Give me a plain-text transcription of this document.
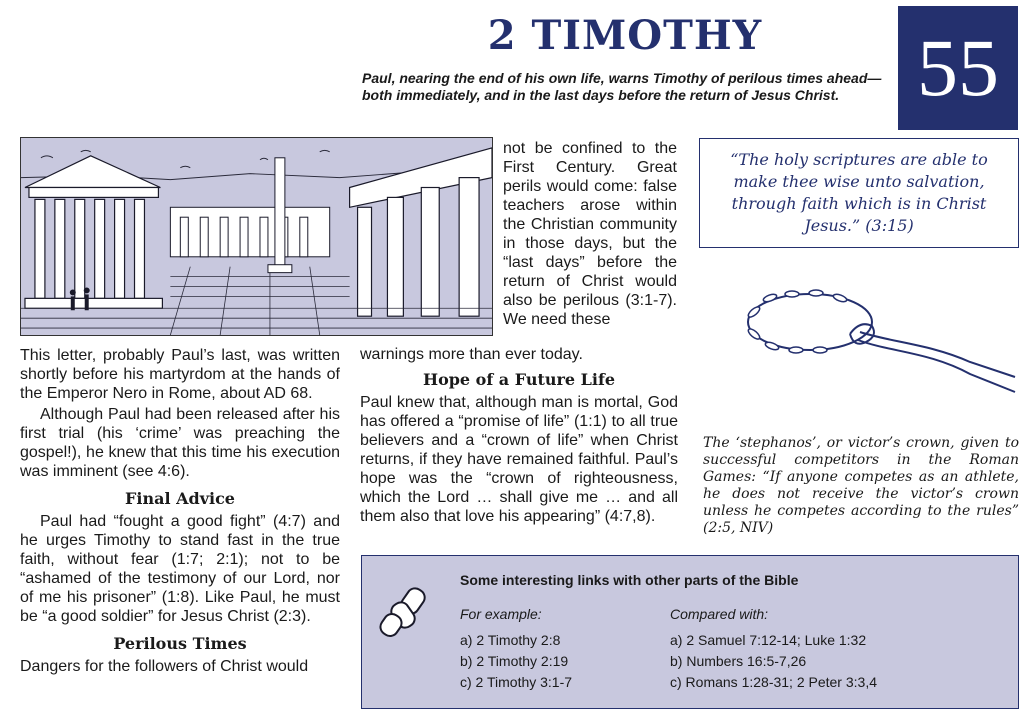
2 TIMOTHY
Paul, nearing the end of his own life, warns Timothy of perilous times ahead—both immediately, and in the last days before the return of Jesus Christ. 55
not be confined to the First Century. Great perils would come: false teachers arose within the Christian community in those days, but the “last days” before the return of Christ would also be perilous (3:1-7). We need these

This letter, probably Paul’s last, was written shortly before his martyrdom at the hands of the Emperor Nero in Rome, about AD 68.

Although Paul had been released after his first trial (his ‘crime’ was preaching the gospel!), he knew that this time his execution was imminent (see 4:6).

Final Advice

Paul had “fought a good fight” (4:7) and he urges Timothy to stand fast in the true faith, without fear (1:7; 2:1); not to be “ashamed of the testimony of our Lord, nor of me his prisoner” (1:8). Like Paul, he must be “a good soldier” for Jesus Christ (2:3).

Perilous Times

Dangers for the followers of Christ would

warnings more than ever today.
Hope of a Future Life

Paul knew that, although man is mortal, God has offered a “promise of life” (1:1) to all true believers and a “crown of life” when Christ returns, if they have remained faithful. Paul’s hope was the “crown of righteousness, which the Lord … shall give me … and all them also that love his appearing” (4:7,8).

“The holy scriptures are able to make thee wise unto salvation, through faith which is in Christ Jesus.” (3:15)
The ‘stephanos’, or victor’s crown, given to successful competitors in the Roman Games: “If anyone competes as an athlete, he does not receive the victor’s crown unless he competes according to the rules” (2:5, NIV)
Some interesting links with other parts of the Bible
For example:
a) 2 Timothy 2:8
b) 2 Timothy 2:19
c) 2 Timothy 3:1-7
Compared with:
a) 2 Samuel 7:12-14; Luke 1:32
b) Numbers 16:5-7,26
c) Romans 1:28-31; 2 Peter 3:3,4
